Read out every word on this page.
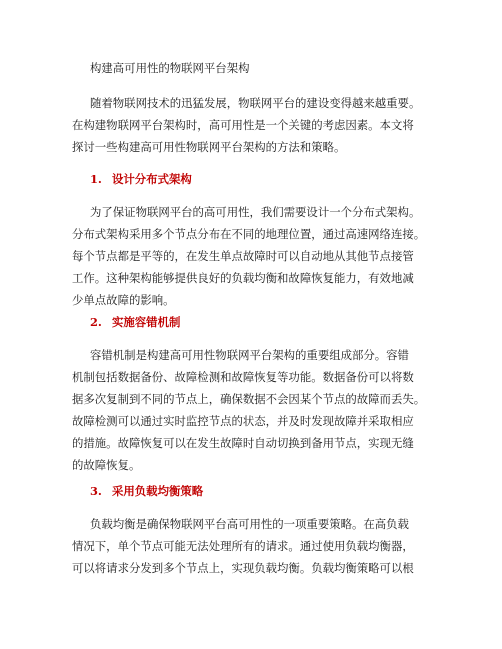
构建高可用性的物联网平台架构
随着物联网技术的迅猛发展，物联网平台的建设变得越来越重要。
在构建物联网平台架构时，高可用性是一个关键的考虑因素。本文将
探讨一些构建高可用性物联网平台架构的方法和策略。
1. 设计分布式架构
为了保证物联网平台的高可用性，我们需要设计一个分布式架构。
分布式架构采用多个节点分布在不同的地理位置，通过高速网络连接。
每个节点都是平等的，在发生单点故障时可以自动地从其他节点接管
工作。这种架构能够提供良好的负载均衡和故障恢复能力，有效地减
少单点故障的影响。
2. 实施容错机制
容错机制是构建高可用性物联网平台架构的重要组成部分。容错
机制包括数据备份、故障检测和故障恢复等功能。数据备份可以将数
据多次复制到不同的节点上，确保数据不会因某个节点的故障而丢失。
故障检测可以通过实时监控节点的状态，并及时发现故障并采取相应
的措施。故障恢复可以在发生故障时自动切换到备用节点，实现无缝
的故障恢复。
3. 采用负载均衡策略
负载均衡是确保物联网平台高可用性的一项重要策略。在高负载
情况下，单个节点可能无法处理所有的请求。通过使用负载均衡器，
可以将请求分发到多个节点上，实现负载均衡。负载均衡策略可以根
